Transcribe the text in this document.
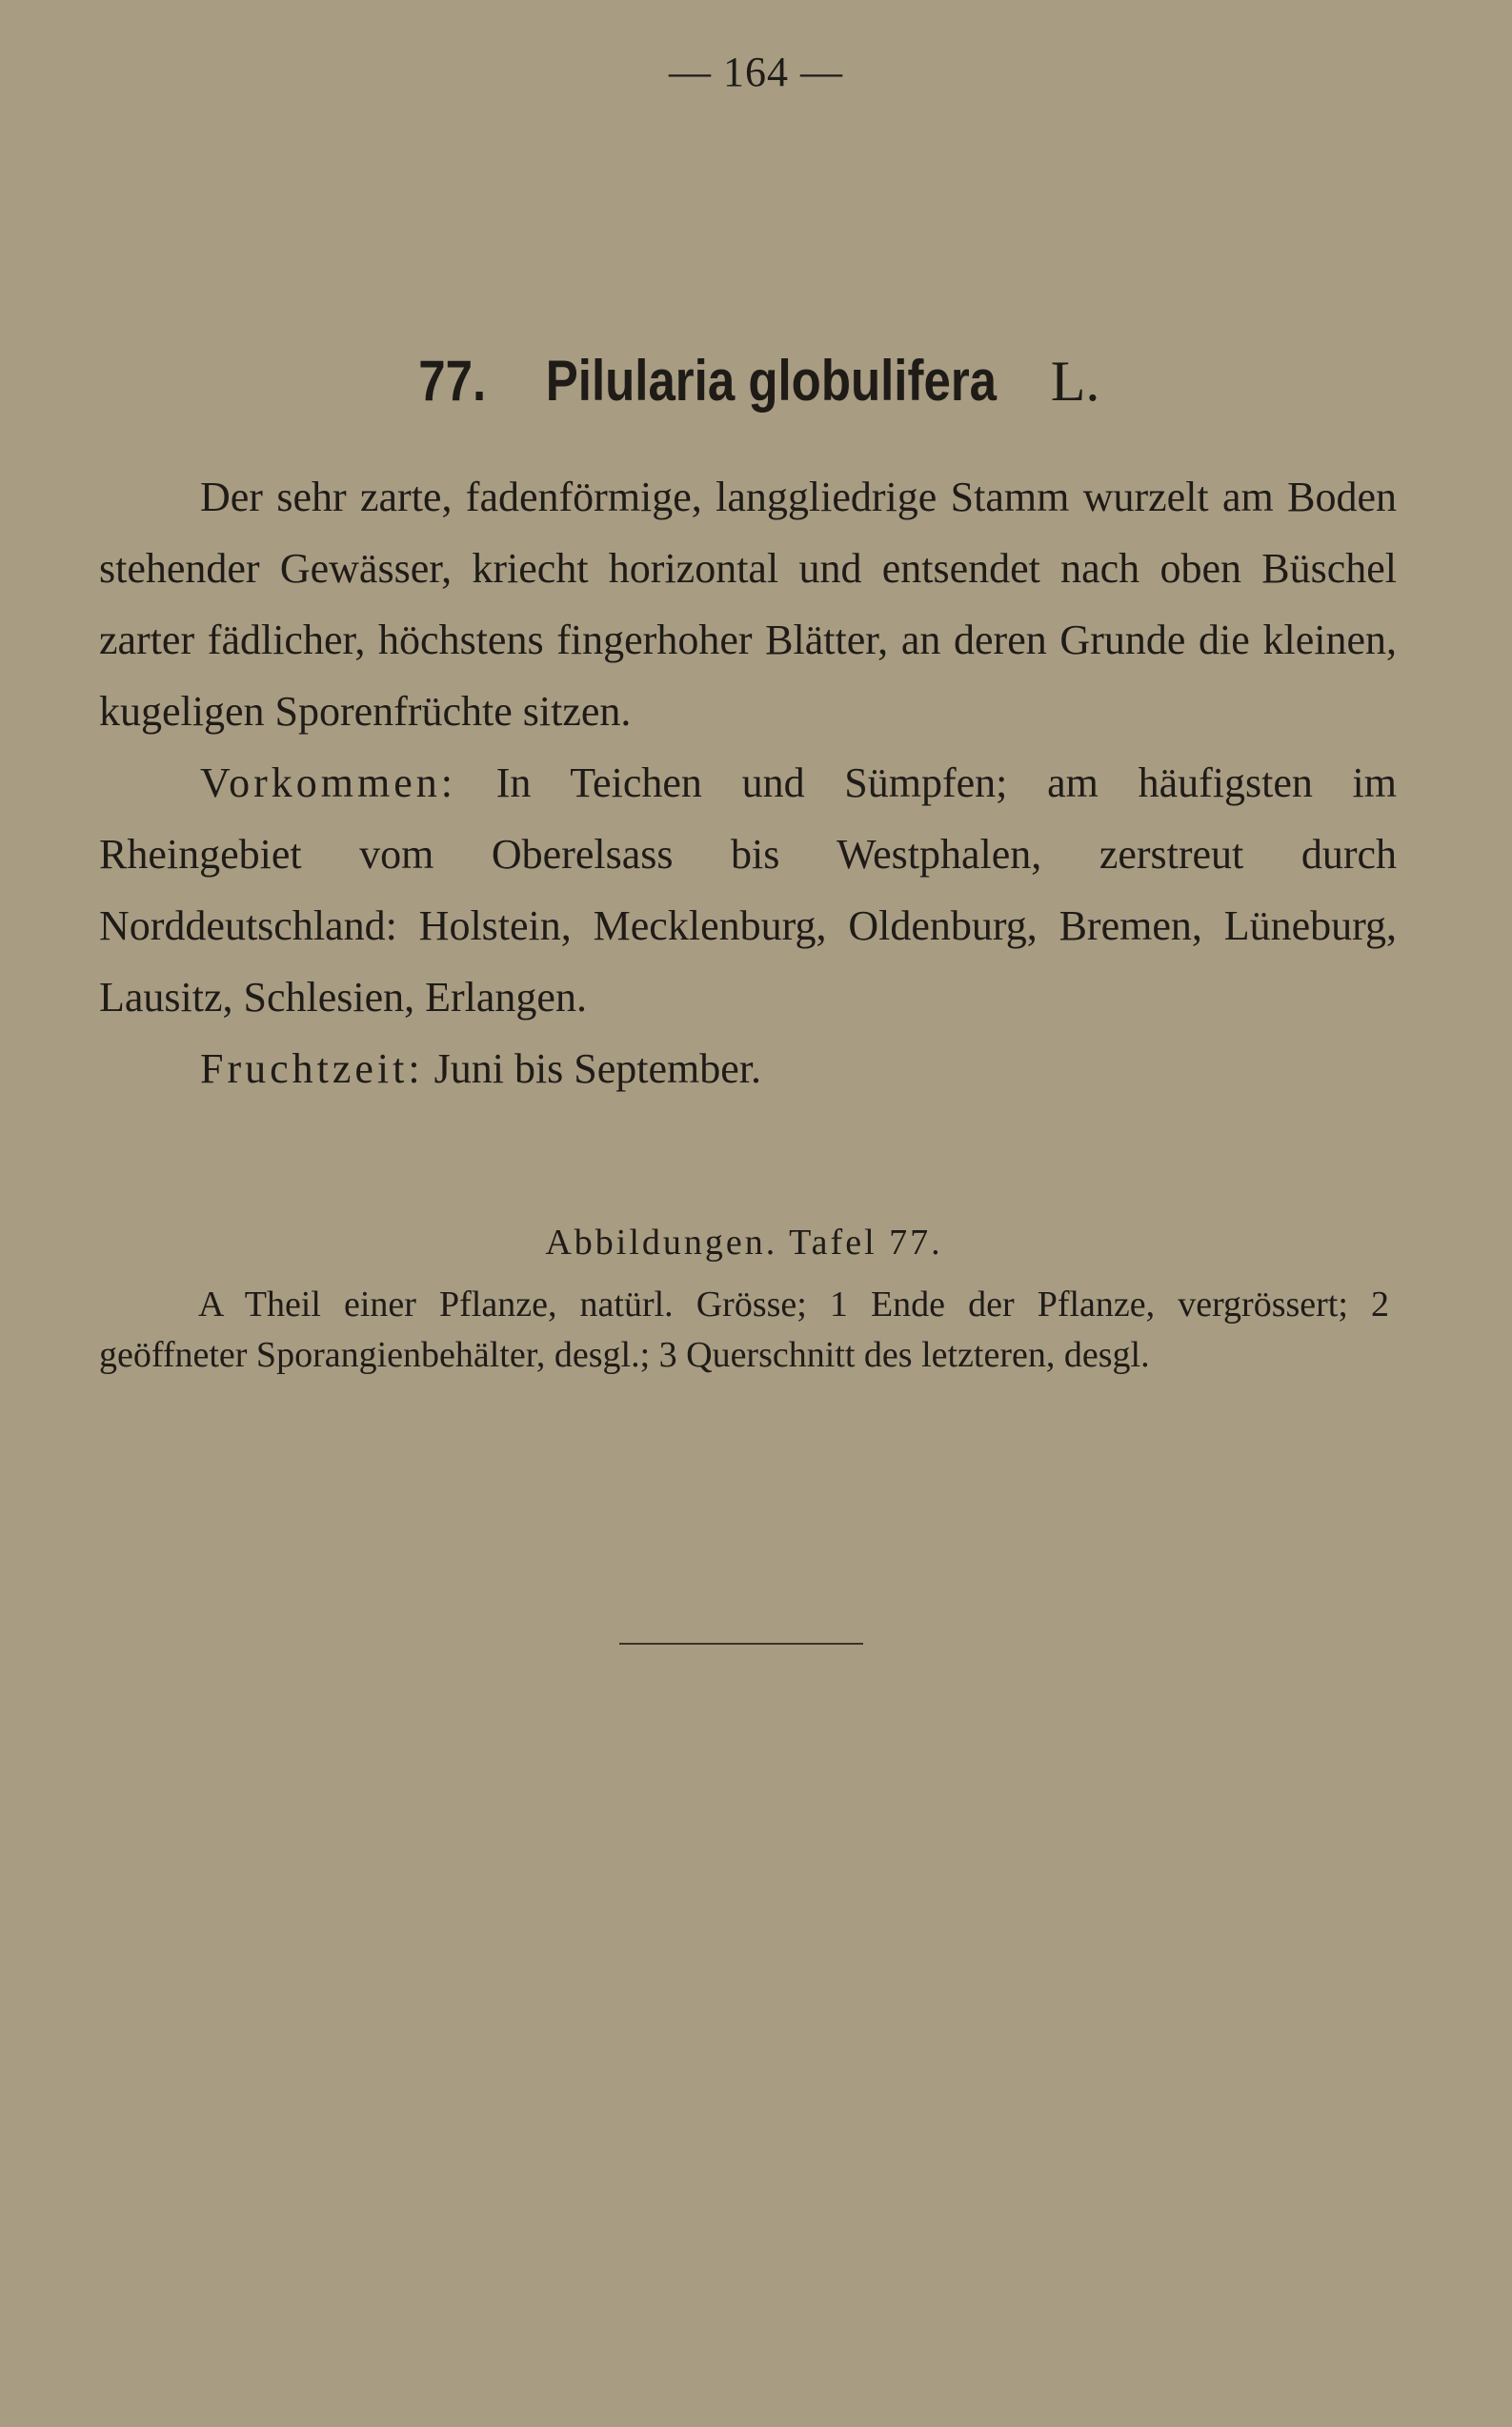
— 164 —
77. Pilularia globulifera L.

Der sehr zarte, fadenförmige, langgliedrige Stamm wurzelt am Boden stehender Gewässer, kriecht horizontal und entsendet nach oben Büschel zarter fädlicher, höchstens fingerhoher Blätter, an deren Grunde die kleinen, kugeligen Sporenfrüchte sitzen.

Vorkommen: In Teichen und Sümpfen; am häufigsten im Rheingebiet vom Oberelsass bis Westphalen, zerstreut durch Norddeutschland: Holstein, Mecklenburg, Oldenburg, Bremen, Lüneburg, Lausitz, Schlesien, Erlangen.

Fruchtzeit: Juni bis September.

Abbildungen. Tafel 77.

A Theil einer Pflanze, natürl. Grösse; 1 Ende der Pflanze, vergrössert; 2 geöffneter Sporangienbehälter, desgl.; 3 Querschnitt des letzteren, desgl.
